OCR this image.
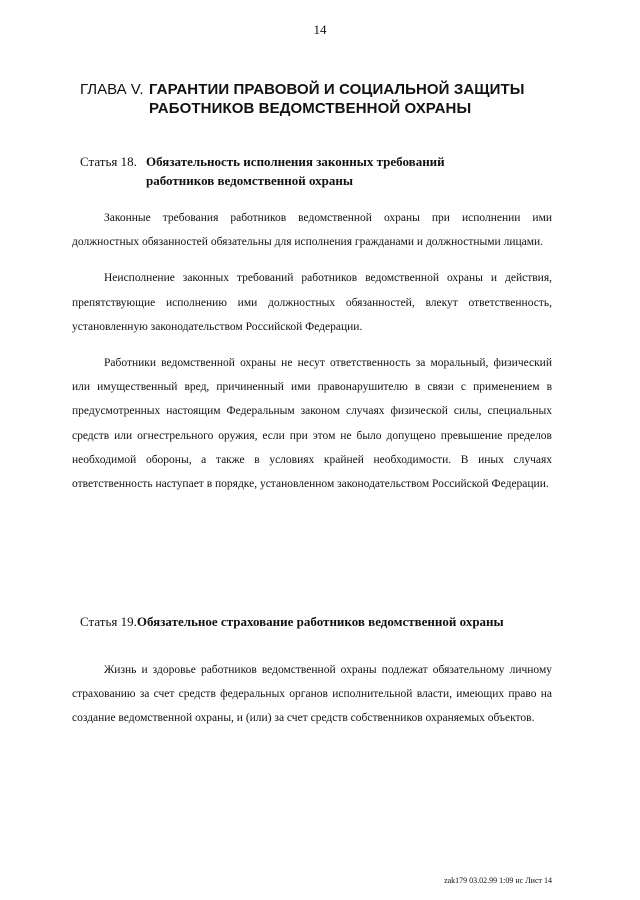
14
ГЛАВА V. ГАРАНТИИ ПРАВОВОЙ И СОЦИАЛЬНОЙ ЗАЩИТЫ
РАБОТНИКОВ ВЕДОМСТВЕННОЙ ОХРАНЫ
Статья 18. Обязательность исполнения законных требований
работников ведомственной охраны

Законные требования работников ведомственной охраны при исполнении ими должностных обязанностей обязательны для исполнения гражданами и должностными лицами.

Неисполнение законных требований работников ведомственной охраны и действия, препятствующие исполнению ими должностных обязанностей, влекут ответственность, установленную законодательством Российской Федерации.

Работники ведомственной охраны не несут ответственность за моральный, физический или имущественный вред, причиненный ими правонарушителю в связи с применением в предусмотренных настоящим Федеральным законом случаях физической силы, специальных средств или огнестрельного оружия, если при этом не было допущено превышение пределов необходимой обороны, а также в условиях крайней необходимости. В иных случаях ответственность наступает в порядке, установленном законодательством Российской Федерации.

Статья 19. Обязательное страхование работников ведомственной охраны

Жизнь и здоровье работников ведомственной охраны подлежат обязательному личному страхованию за счет средств федеральных органов исполнительной власти, имеющих право на создание ведомственной охраны, и (или) за счет средств собственников охраняемых объектов.

zak179 03.02.99 1:09 нс Лист 14
